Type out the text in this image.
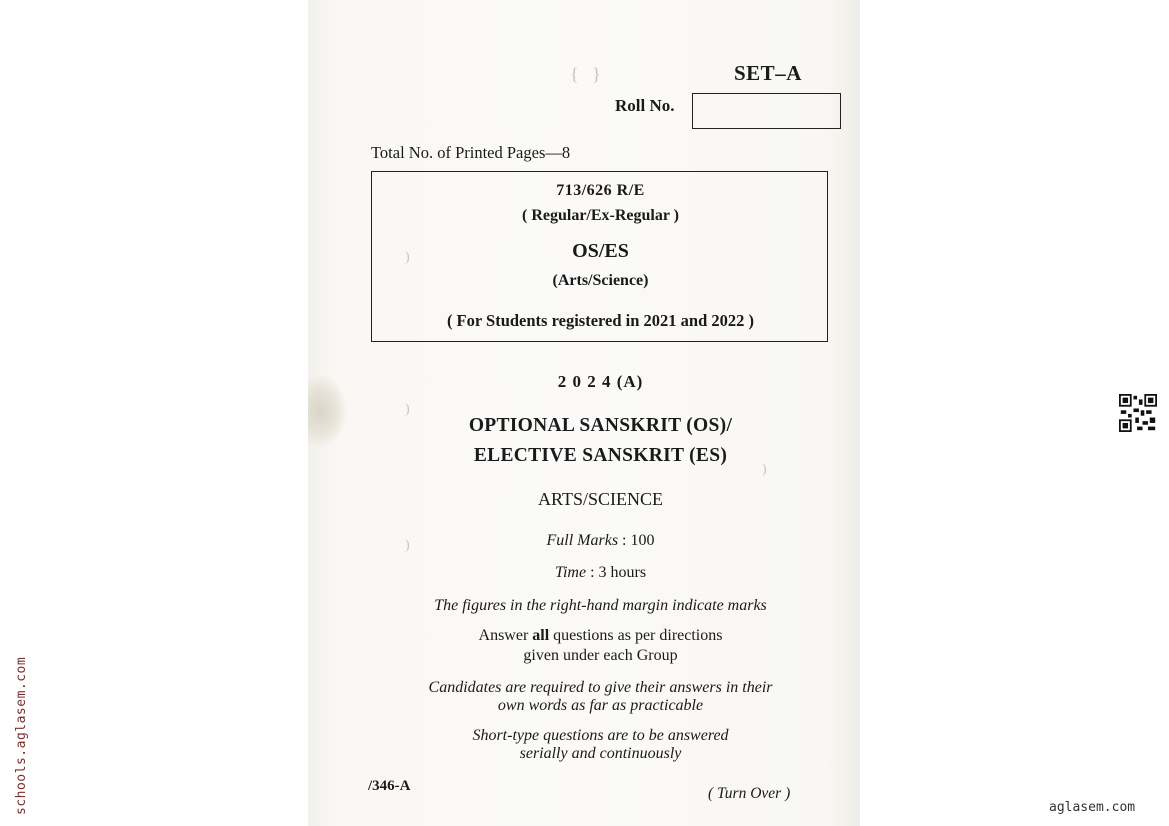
{   }
)
)
)
)
SET–A
Roll No.
Total No. of Printed Pages—8
713/626 R/E
( Regular/Ex-Regular )
OS/ES
(Arts/Science)
( For Students registered in 2021 and 2022 )
2 0 2 4 (A)
OPTIONAL SANSKRIT (OS)/
ELECTIVE SANSKRIT (ES)
ARTS/SCIENCE
Full Marks : 100
Time : 3 hours
The figures in the right-hand margin indicate marks
Answer all questions as per directions
given under each Group
Candidates are required to give their answers in their
own words as far as practicable
Short-type questions are to be answered
serially and continuously
/346-A	( Turn Over )
schools.aglasem.com	aglasem.com
